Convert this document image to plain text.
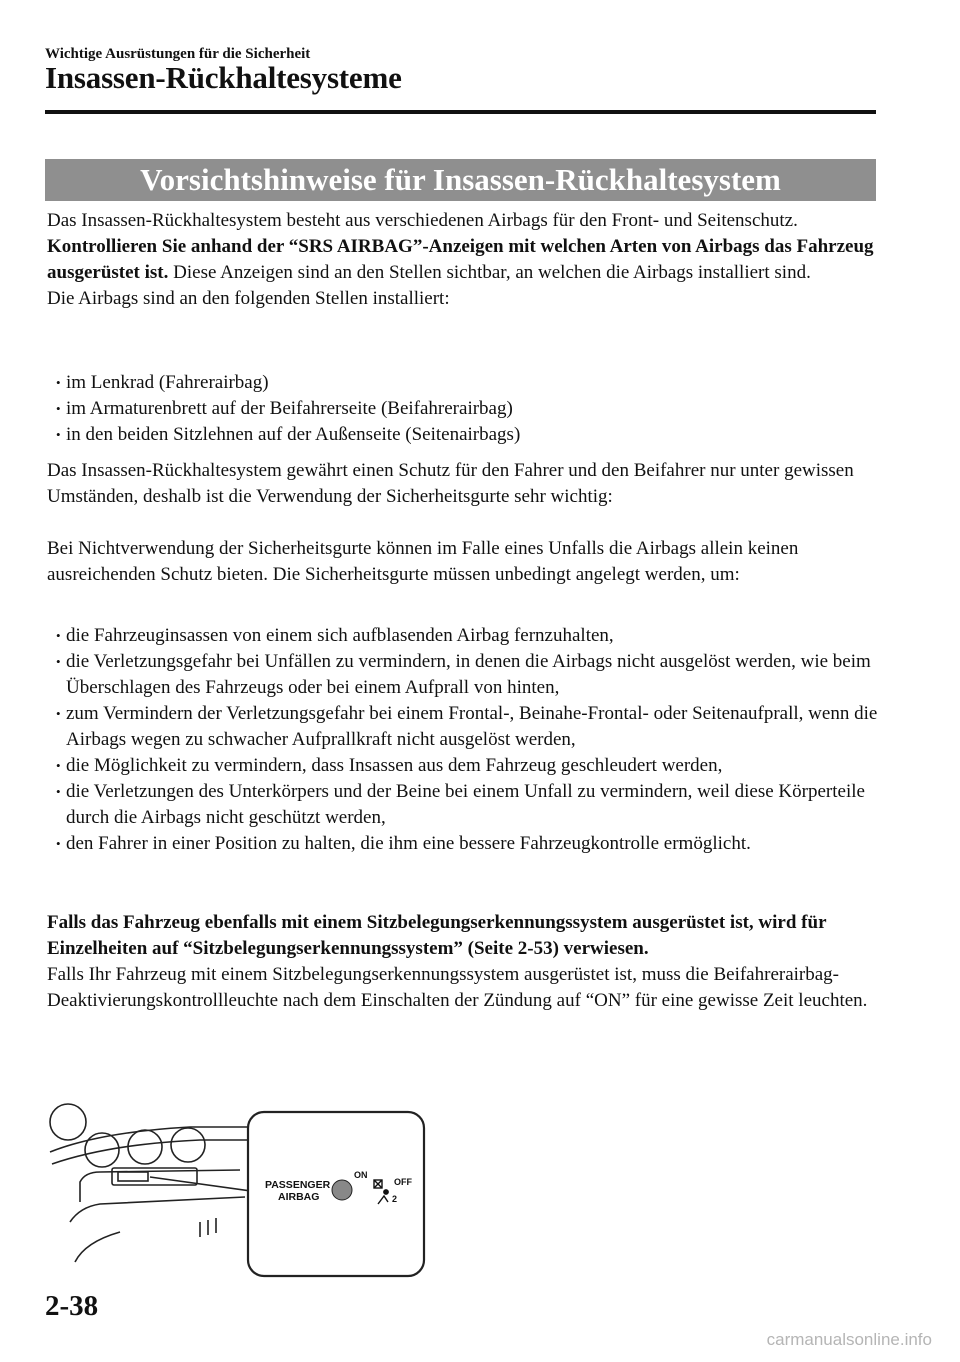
Wichtige Ausrüstungen für die Sicherheit
Insassen-Rückhaltesysteme
Vorsichtshinweise für Insassen-Rückhaltesystem

Das Insassen-Rückhaltesystem besteht aus verschiedenen Airbags für den Front- und Seitenschutz. Kontrollieren Sie anhand der “SRS AIRBAG”-Anzeigen mit welchen Arten von Airbags das Fahrzeug ausgerüstet ist. Diese Anzeigen sind an den Stellen sichtbar, an welchen die Airbags installiert sind.

Die Airbags sind an den folgenden Stellen installiert:

• im Lenkrad (Fahrerairbag)
• im Armaturenbrett auf der Beifahrerseite (Beifahrerairbag)
• in den beiden Sitzlehnen auf der Außenseite (Seitenairbags)

Das Insassen-Rückhaltesystem gewährt einen Schutz für den Fahrer und den Beifahrer nur unter gewissen Umständen, deshalb ist die Verwendung der Sicherheitsgurte sehr wichtig:

Bei Nichtverwendung der Sicherheitsgurte können im Falle eines Unfalls die Airbags allein keinen ausreichenden Schutz bieten. Die Sicherheitsgurte müssen unbedingt angelegt werden, um:

• die Fahrzeuginsassen von einem sich aufblasenden Airbag fernzuhalten,
• die Verletzungsgefahr bei Unfällen zu vermindern, in denen die Airbags nicht ausgelöst werden, wie beim Überschlagen des Fahrzeugs oder bei einem Aufprall von hinten,
• zum Vermindern der Verletzungsgefahr bei einem Frontal-, Beinahe-Frontal- oder Seitenaufprall, wenn die Airbags wegen zu schwacher Aufprallkraft nicht ausgelöst werden,
• die Möglichkeit zu vermindern, dass Insassen aus dem Fahrzeug geschleudert werden,
• die Verletzungen des Unterkörpers und der Beine bei einem Unfall zu vermindern, weil diese Körperteile durch die Airbags nicht geschützt werden,
• den Fahrer in einer Position zu halten, die ihm eine bessere Fahrzeugkontrolle ermöglicht.

Falls das Fahrzeug ebenfalls mit einem Sitzbelegungserkennungssystem ausgerüstet ist, wird für Einzelheiten auf “Sitzbelegungserkennungssystem” (Seite 2-53) verwiesen.

Falls Ihr Fahrzeug mit einem Sitzbelegungserkennungssystem ausgerüstet ist, muss die Beifahrerairbag-Deaktivierungskontrollleuchte nach dem Einschalten der Zündung auf “ON” für eine gewisse Zeit leuchten.

PASSENGER
AIRBAG
ON
OFF
2
2-38
carmanualsonline.info
